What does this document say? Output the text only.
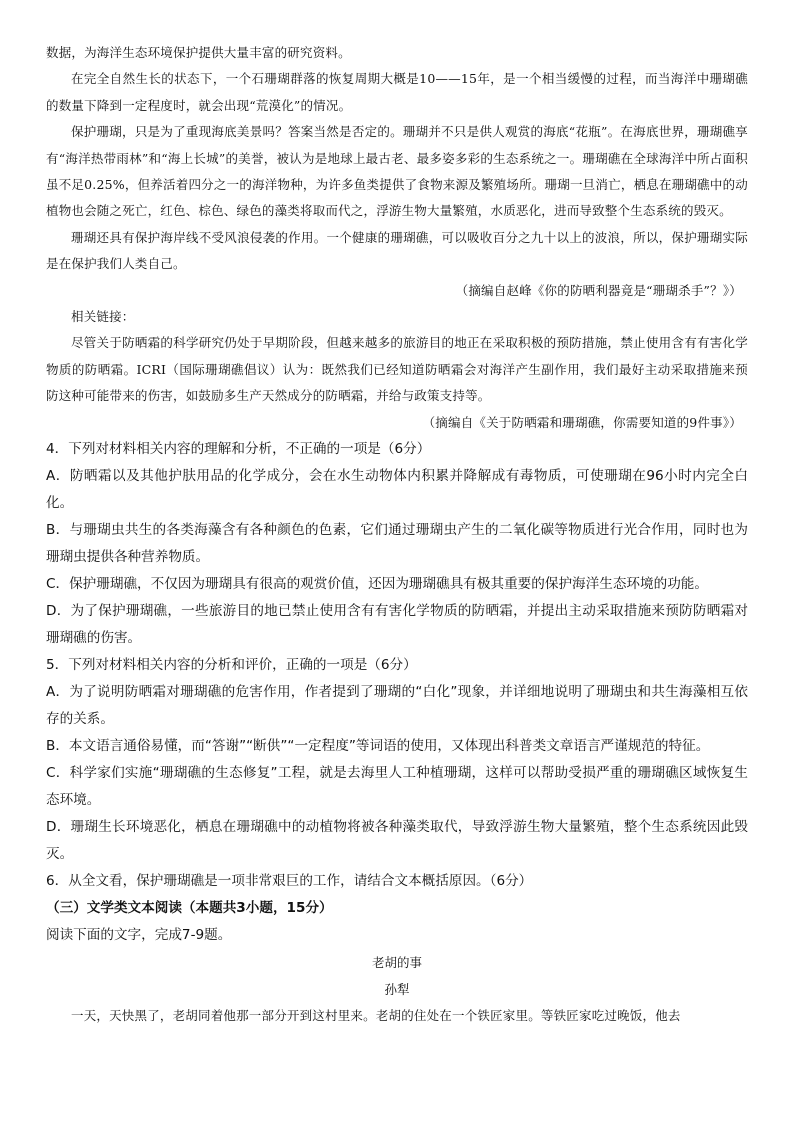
数据，为海洋生态环境保护提供大量丰富的研究资料。

在完全自然生长的状态下，一个石珊瑚群落的恢复周期大概是10——15年，是一个相当缓慢的过程，而当海洋中珊瑚礁的数量下降到一定程度时，就会出现“荒漠化”的情况。

保护珊瑚，只是为了重现海底美景吗？答案当然是否定的。珊瑚并不只是供人观赏的海底“花瓶”。在海底世界，珊瑚礁享有“海洋热带雨林”和“海上长城”的美誉，被认为是地球上最古老、最多姿多彩的生态系统之一。珊瑚礁在全球海洋中所占面积虽不足0.25%，但养活着四分之一的海洋物种，为许多鱼类提供了食物来源及繁殖场所。珊瑚一旦消亡，栖息在珊瑚礁中的动植物也会随之死亡，红色、棕色、绿色的藻类将取而代之，浮游生物大量繁殖，水质恶化，进而导致整个生态系统的毁灭。

珊瑚还具有保护海岸线不受风浪侵袭的作用。一个健康的珊瑚礁，可以吸收百分之九十以上的波浪，所以，保护珊瑚实际是在保护我们人类自己。

（摘编自赵峰《你的防晒利器竟是“珊瑚杀手”？》）

相关链接：

尽管关于防晒霜的科学研究仍处于早期阶段，但越来越多的旅游目的地正在采取积极的预防措施，禁止使用含有有害化学物质的防晒霜。ICRI（国际珊瑚礁倡议）认为：既然我们已经知道防晒霜会对海洋产生副作用，我们最好主动采取措施来预防这种可能带来的伤害，如鼓励多生产天然成分的防晒霜，并给与政策支持等。

（摘编自《关于防晒霜和珊瑚礁，你需要知道的9件事》）

4．下列对材料相关内容的理解和分析，不正确的一项是（6分）

A．防晒霜以及其他护肤用品的化学成分，会在水生动物体内积累并降解成有毒物质，可使珊瑚在96小时内完全白化。

B．与珊瑚虫共生的各类海藻含有各种颜色的色素，它们通过珊瑚虫产生的二氧化碳等物质进行光合作用，同时也为珊瑚虫提供各种营养物质。

C．保护珊瑚礁，不仅因为珊瑚具有很高的观赏价值，还因为珊瑚礁具有极其重要的保护海洋生态环境的功能。

D．为了保护珊瑚礁，一些旅游目的地已禁止使用含有有害化学物质的防晒霜，并提出主动采取措施来预防防晒霜对珊瑚礁的伤害。

5．下列对材料相关内容的分析和评价，正确的一项是（6分）

A．为了说明防晒霜对珊瑚礁的危害作用，作者提到了珊瑚的“白化”现象，并详细地说明了珊瑚虫和共生海藻相互依存的关系。

B．本文语言通俗易懂，而“答谢”“断供”“一定程度”等词语的使用，又体现出科普类文章语言严谨规范的特征。

C．科学家们实施“珊瑚礁的生态修复”工程，就是去海里人工种植珊瑚，这样可以帮助受损严重的珊瑚礁区域恢复生态环境。

D．珊瑚生长环境恶化，栖息在珊瑚礁中的动植物将被各种藻类取代，导致浮游生物大量繁殖，整个生态系统因此毁灭。

6．从全文看，保护珊瑚礁是一项非常艰巨的工作，请结合文本概括原因。（6分）

（三）文学类文本阅读（本题共3小题，15分）

阅读下面的文字，完成7-9题。

老胡的事

孙犁

一天，天快黑了，老胡同着他那一部分开到这村里来。老胡的住处在一个铁匠家里。等铁匠家吃过晚饭，他去
